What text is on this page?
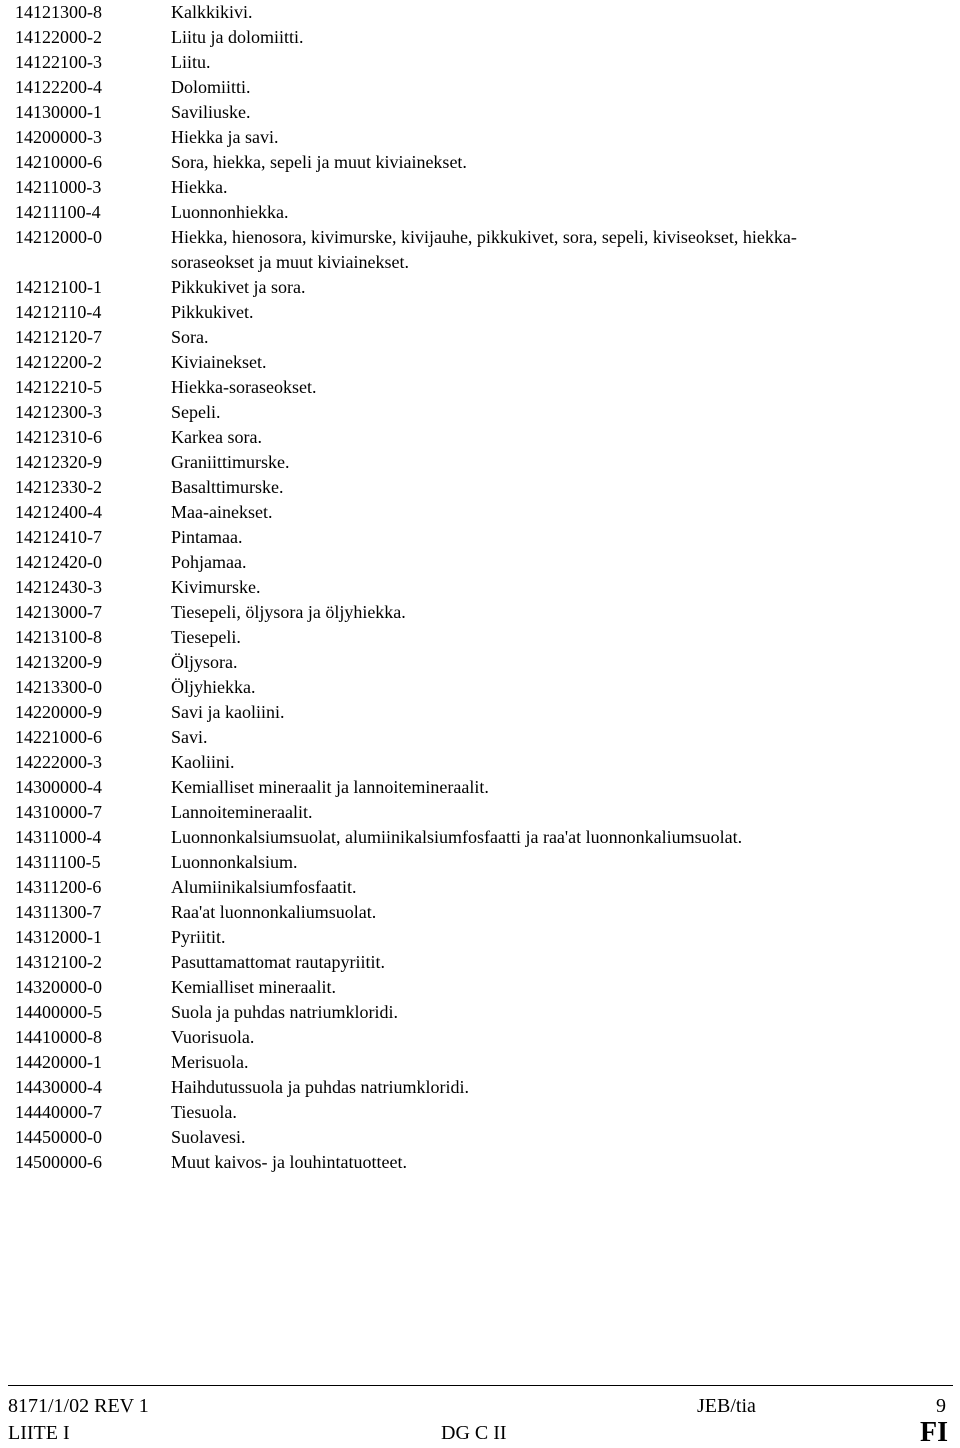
14121300-8	Kalkkikivi.
14122000-2	Liitu ja dolomiitti.
14122100-3	Liitu.
14122200-4	Dolomiitti.
14130000-1	Saviliuske.
14200000-3	Hiekka ja savi.
14210000-6	Sora, hiekka, sepeli ja muut kiviainekset.
14211000-3	Hiekka.
14211100-4	Luonnonhiekka.
14212000-0	Hiekka, hienosora, kivimurske, kivijauhe, pikkukivet, sora, sepeli, kiviseokset, hiekka-
soraseokset ja muut kiviainekset.
14212100-1	Pikkukivet ja sora.
14212110-4	Pikkukivet.
14212120-7	Sora.
14212200-2	Kiviainekset.
14212210-5	Hiekka-soraseokset.
14212300-3	Sepeli.
14212310-6	Karkea sora.
14212320-9	Graniittimurske.
14212330-2	Basalttimurske.
14212400-4	Maa-ainekset.
14212410-7	Pintamaa.
14212420-0	Pohjamaa.
14212430-3	Kivimurske.
14213000-7	Tiesepeli, öljysora ja öljyhiekka.
14213100-8	Tiesepeli.
14213200-9	Öljysora.
14213300-0	Öljyhiekka.
14220000-9	Savi ja kaoliini.
14221000-6	Savi.
14222000-3	Kaoliini.
14300000-4	Kemialliset mineraalit ja lannoitemineraalit.
14310000-7	Lannoitemineraalit.
14311000-4	Luonnonkalsiumsuolat, alumiinikalsiumfosfaatti ja raa'at luonnonkaliumsuolat.
14311100-5	Luonnonkalsium.
14311200-6	Alumiinikalsiumfosfaatit.
14311300-7	Raa'at luonnonkaliumsuolat.
14312000-1	Pyriitit.
14312100-2	Pasuttamattomat rautapyriitit.
14320000-0	Kemialliset mineraalit.
14400000-5	Suola ja puhdas natriumkloridi.
14410000-8	Vuorisuola.
14420000-1	Merisuola.
14430000-4	Haihdutussuola ja puhdas natriumkloridi.
14440000-7	Tiesuola.
14450000-0	Suolavesi.
14500000-6	Muut kaivos- ja louhintatuotteet.
8171/1/02 REV 1
LIITE I
JEB/tia
DG C II
9
FI
